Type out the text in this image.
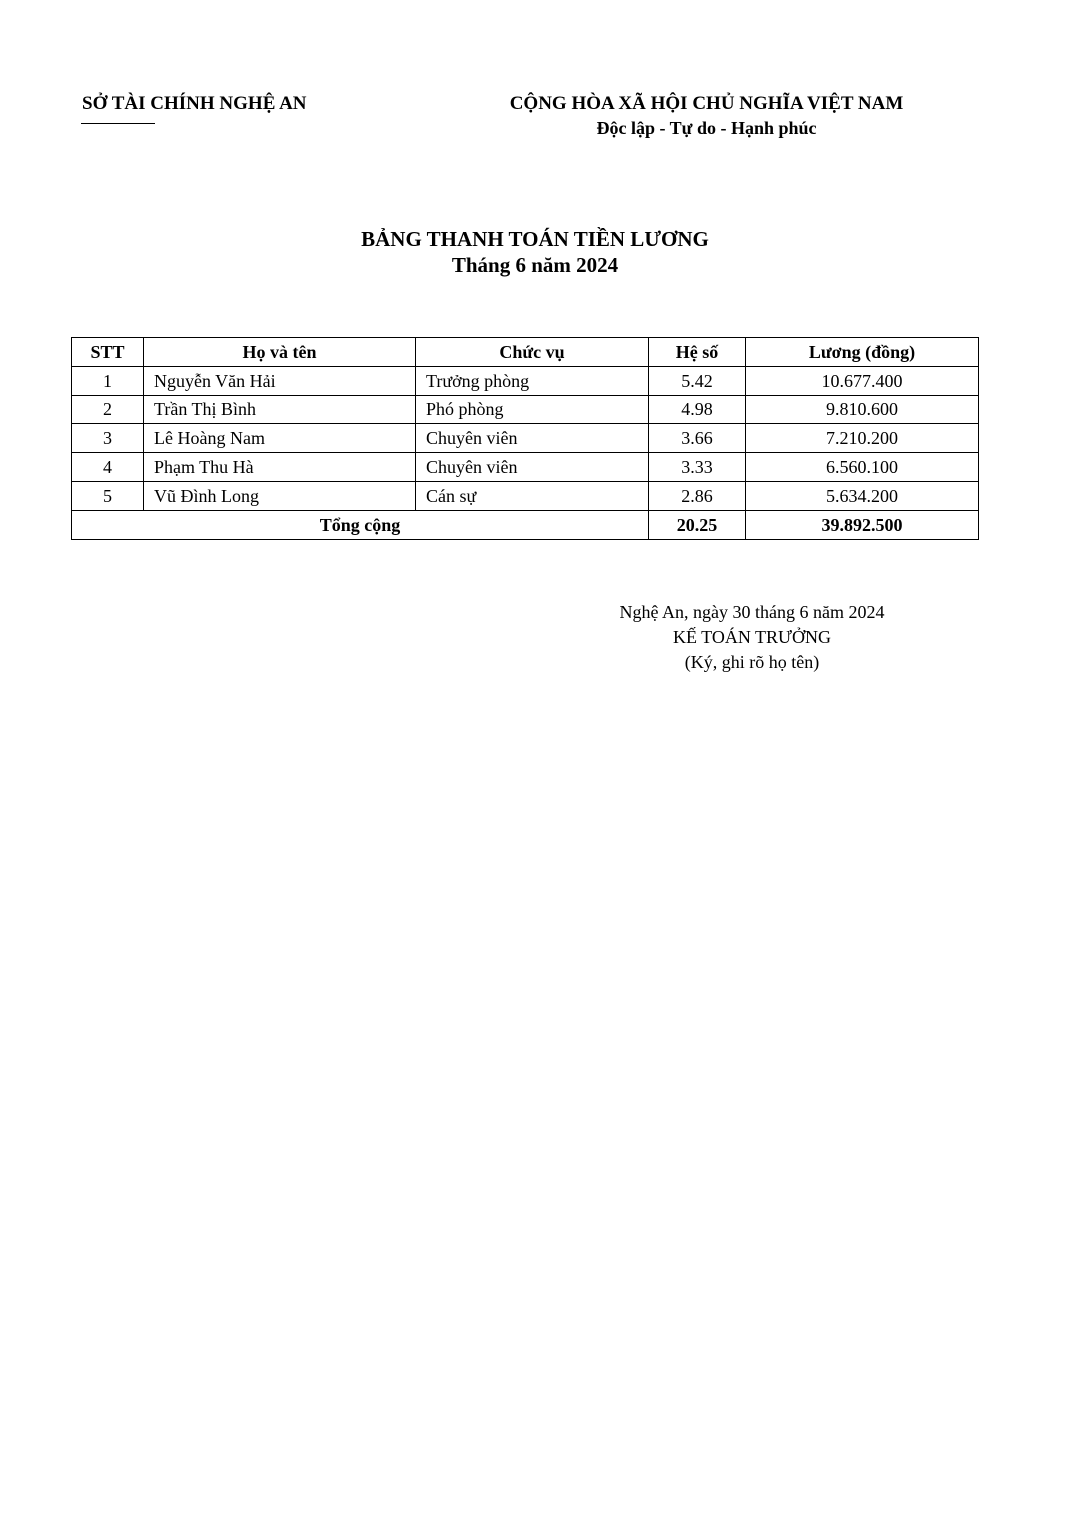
SỞ TÀI CHÍNH NGHỆ AN	CỘNG HÒA XÃ HỘI CHỦ NGHĨA VIỆT NAM
Độc lập - Tự do - Hạnh phúc
BẢNG THANH TOÁN TIỀN LƯƠNG
Tháng 6 năm 2024
STT	Họ và tên	Chức vụ	Hệ số	Lương (đồng)
1	Nguyễn Văn Hải	Trưởng phòng	5.42	10.677.400
2	Trần Thị Bình	Phó phòng	4.98	9.810.600
3	Lê Hoàng Nam	Chuyên viên	3.66	7.210.200
4	Phạm Thu Hà	Chuyên viên	3.33	6.560.100
5	Vũ Đình Long	Cán sự	2.86	5.634.200
Tổng cộng			20.25	39.892.500
Nghệ An, ngày 30 tháng 6 năm 2024
KẾ TOÁN TRƯỞNG
(Ký, ghi rõ họ tên)
